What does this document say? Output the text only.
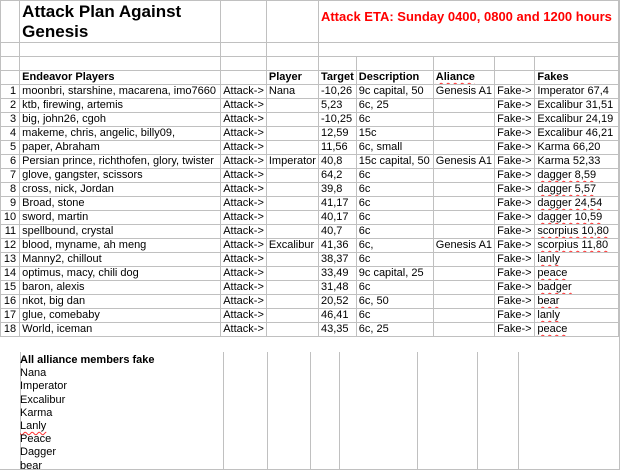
	Attack Plan Against Genesis			Attack ETA: Sunday 0400, 0800 and 1200 hours				

	Endeavor Players		Player	Target	Description	Aliance		Fakes
1	moonbri, starshine, macarena, imo7660	Attack->	Nana	-10,26	9c capital, 50	Genesis A1	Fake->	Imperator 67,4
2	ktb, firewing, artemis	Attack->		5,23	6c, 25		Fake->	Excalibur 31,51
3	big, john26, cgoh	Attack->		-10,25	6c		Fake->	Excalibur 24,19
4	makeme, chris, angelic, billy09,	Attack->		12,59	15c		Fake->	Excalibur 46,21
5	paper, Abraham	Attack->		11,56	6c, small		Fake->	Karma 66,20
6	Persian prince, richthofen, glory, twister	Attack->	Imperator	40,8	15c capital, 50	Genesis A1	Fake->	Karma 52,33
7	glove, gangster, scissors	Attack->		64,2	6c		Fake->	dagger 8,59
8	cross, nick, Jordan	Attack->		39,8	6c		Fake->	dagger 5,57
9	Broad, stone	Attack->		41,17	6c		Fake->	dagger 24,54
10	sword, martin	Attack->		40,17	6c		Fake->	dagger 10,59
11	spellbound, crystal	Attack->		40,7	6c		Fake->	scorpius 10,80
12	blood, myname, ah meng	Attack->	Excalibur	41,36	6c,	Genesis A1	Fake->	scorpius 11,80
13	Manny2, chillout	Attack->		38,37	6c		Fake->	lanly
14	optimus, macy, chili dog	Attack->		33,49	9c capital, 25		Fake->	peace
15	baron, alexis	Attack->		31,48	6c		Fake->	badger
16	nkot, big dan	Attack->		20,52	6c, 50		Fake->	bear
17	glue, comebaby	Attack->		46,41	6c		Fake->	lanly
18	World, iceman	Attack->		43,35	6c, 25		Fake->	peace
All alliance members fake
Nana
Imperator
Excalibur
Karma
Lanly
Peace
Dagger
bear
